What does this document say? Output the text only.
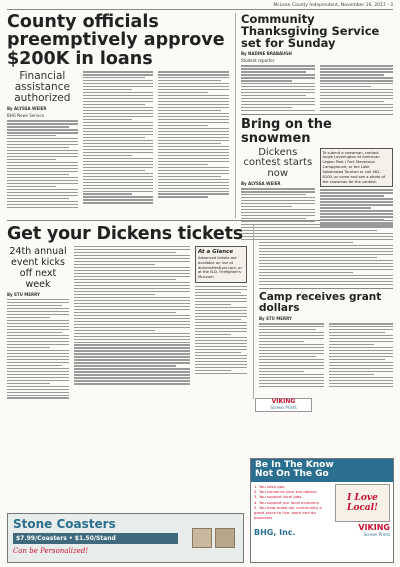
McLean County Independent, November 16, 2017 - 3
County officials preemptively approve $200K in loans
Financial assistance authorized
By ALYSSA WEIER
BHG News Service
Community Thanksgiving Service set for Sunday
By NADINE BRABAUGH
Student reporter
Bring on the snowmen
Dickens contest starts now
By ALYSSA WEIER
To submit a snowman, contact Angie Leverington at American Legion Post / Fort Stevenson Campground, or the Lake Sakakawea Tourism or call 462-8100, or come and see a photo of the snowman for the contest.
Get your Dickens tickets
24th annual
event kicks off next week
By STU MERRY
At a Glance
Advanced tickets are available on line at dickenstfestival.com, or at the N.D. Firefighter's Museum
Camp receives grant dollars
By STU MERRY
VIKING
Screen Prints
Stone Coasters
$7.99/Coasters • $1.50/Stand
Can be Personalized!
Be In The Know
Not On The Go
1. You save gas.
2. You conserve your tax dollars.
3. You support local jobs.
4. You support our local economy.
5. You help make our community a great place to live, work and do business!
I Love Local!
BHG, Inc.
VIKING
Screen Prints
